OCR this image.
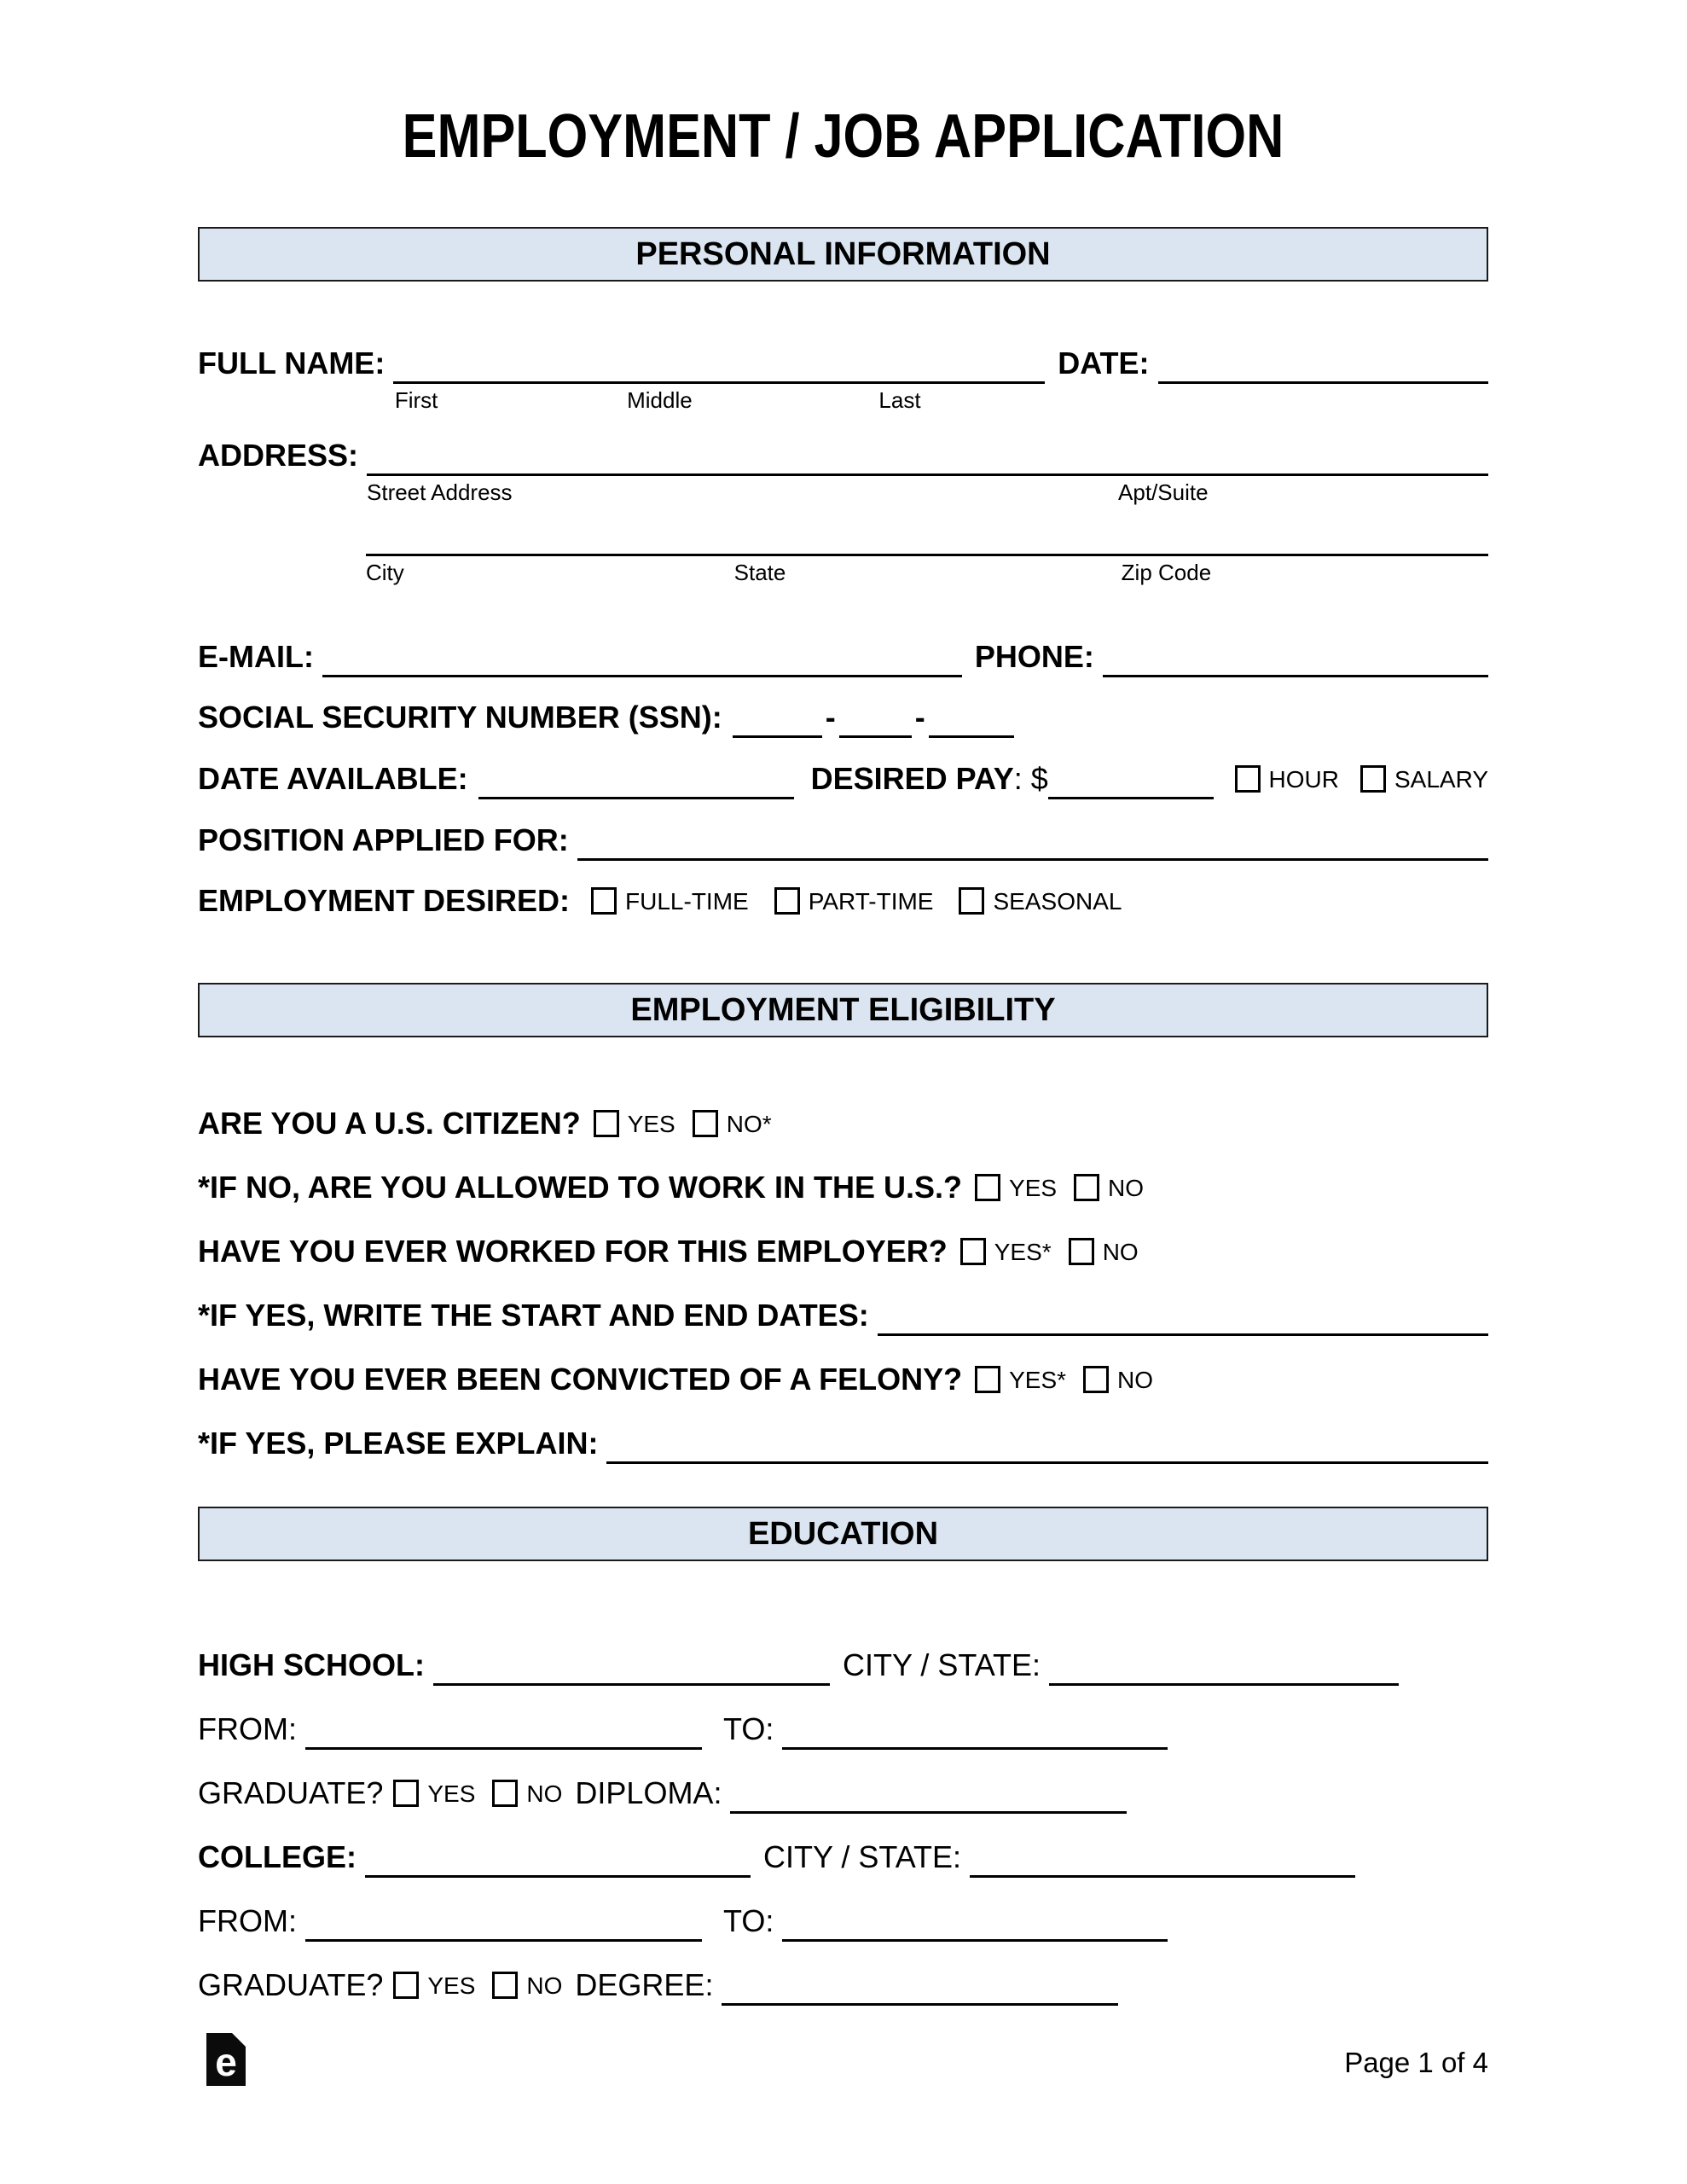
EMPLOYMENT / JOB APPLICATION
PERSONAL INFORMATION
FULL NAME:	DATE:
First	Middle	Last
ADDRESS:
Street Address	Apt/Suite
City	State	Zip Code
E-MAIL:	PHONE:
SOCIAL SECURITY NUMBER (SSN):	-	-
DATE AVAILABLE:	DESIRED PAY : $	HOUR SALARY
POSITION APPLIED FOR:
EMPLOYMENT DESIRED: FULL-TIME	PART-TIME	SEASONAL
EMPLOYMENT ELIGIBILITY
ARE YOU A U.S. CITIZEN? YES NO*
*IF NO, ARE YOU ALLOWED TO WORK IN THE U.S.? YES NO
HAVE YOU EVER WORKED FOR THIS EMPLOYER? YES* NO
*IF YES, WRITE THE START AND END DATES:
HAVE YOU EVER BEEN CONVICTED OF A FELONY? YES* NO
*IF YES, PLEASE EXPLAIN:
EDUCATION
HIGH SCHOOL:	CITY / STATE:
FROM:	TO:
GRADUATE? YES NO DIPLOMA:
COLLEGE:	CITY / STATE:
FROM:	TO:
GRADUATE? YES NO DEGREE:
e	Page 1 of 4
